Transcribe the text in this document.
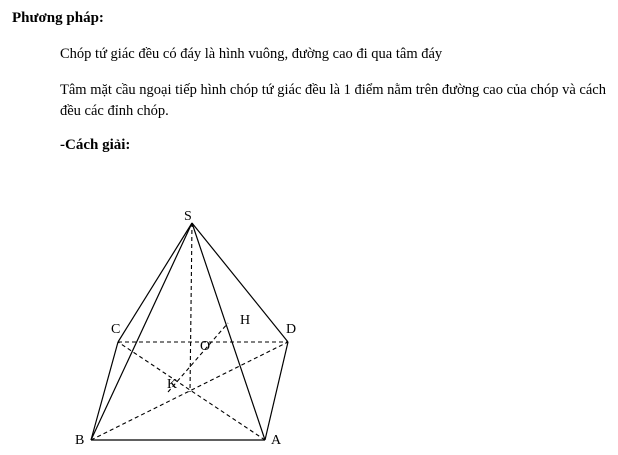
Phương pháp:
Chóp tứ giác đều có đáy là hình vuông, đường cao đi qua tâm đáy
Tâm mặt cầu ngoại tiếp hình chóp tứ giác đều là 1 điểm nằm trên đường cao của chóp và cách đều các đỉnh chóp.
-Cách giải:
S
C	D
H
O
K
B	A
